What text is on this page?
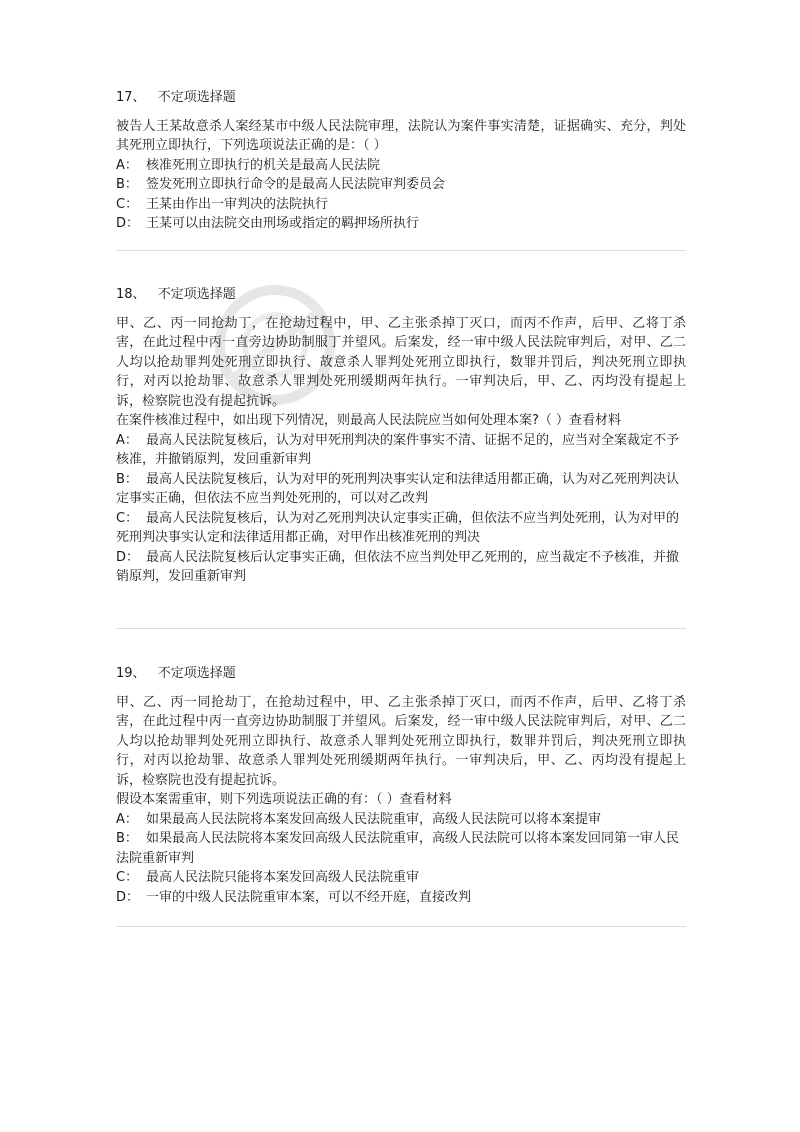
17、 不定项选择题

被告人王某故意杀人案经某市中级人民法院审理，法院认为案件事实清楚，证据确实、充分，判处其死刑立即执行，下列选项说法正确的是：（ ）

A： 核准死刑立即执行的机关是最高人民法院

B： 签发死刑立即执行命令的是最高人民法院审判委员会

C： 王某由作出一审判决的法院执行

D： 王某可以由法院交由刑场或指定的羁押场所执行

18、 不定项选择题

甲、乙、丙一同抢劫丁，在抢劫过程中，甲、乙主张杀掉丁灭口，而丙不作声，后甲、乙将丁杀害，在此过程中丙一直旁边协助制服丁并望风。后案发，经一审中级人民法院审判后，对甲、乙二人均以抢劫罪判处死刑立即执行、故意杀人罪判处死刑立即执行，数罪并罚后，判决死刑立即执行，对丙以抢劫罪、故意杀人罪判处死刑缓期两年执行。一审判决后，甲、乙、丙均没有提起上诉，检察院也没有提起抗诉。

在案件核准过程中，如出现下列情况，则最高人民法院应当如何处理本案?（ ）查看材料

A： 最高人民法院复核后，认为对甲死刑判决的案件事实不清、证据不足的，应当对全案裁定不予核准，并撤销原判，发回重新审判

B： 最高人民法院复核后，认为对甲的死刑判决事实认定和法律适用都正确，认为对乙死刑判决认定事实正确，但依法不应当判处死刑的，可以对乙改判

C： 最高人民法院复核后，认为对乙死刑判决认定事实正确，但依法不应当判处死刑，认为对甲的死刑判决事实认定和法律适用都正确，对甲作出核准死刑的判决

D： 最高人民法院复核后认定事实正确，但依法不应当判处甲乙死刑的，应当裁定不予核准，并撤销原判，发回重新审判

19、 不定项选择题

甲、乙、丙一同抢劫丁，在抢劫过程中，甲、乙主张杀掉丁灭口，而丙不作声，后甲、乙将丁杀害，在此过程中丙一直旁边协助制服丁并望风。后案发，经一审中级人民法院审判后，对甲、乙二人均以抢劫罪判处死刑立即执行、故意杀人罪判处死刑立即执行，数罪并罚后，判决死刑立即执行，对丙以抢劫罪、故意杀人罪判处死刑缓期两年执行。一审判决后，甲、乙、丙均没有提起上诉，检察院也没有提起抗诉。

假设本案需重审，则下列选项说法正确的有：（ ）查看材料

A： 如果最高人民法院将本案发回高级人民法院重审，高级人民法院可以将本案提审

B： 如果最高人民法院将本案发回高级人民法院重审，高级人民法院可以将本案发回同第一审人民法院重新审判

C： 最高人民法院只能将本案发回高级人民法院重审

D： 一审的中级人民法院重审本案，可以不经开庭，直接改判
